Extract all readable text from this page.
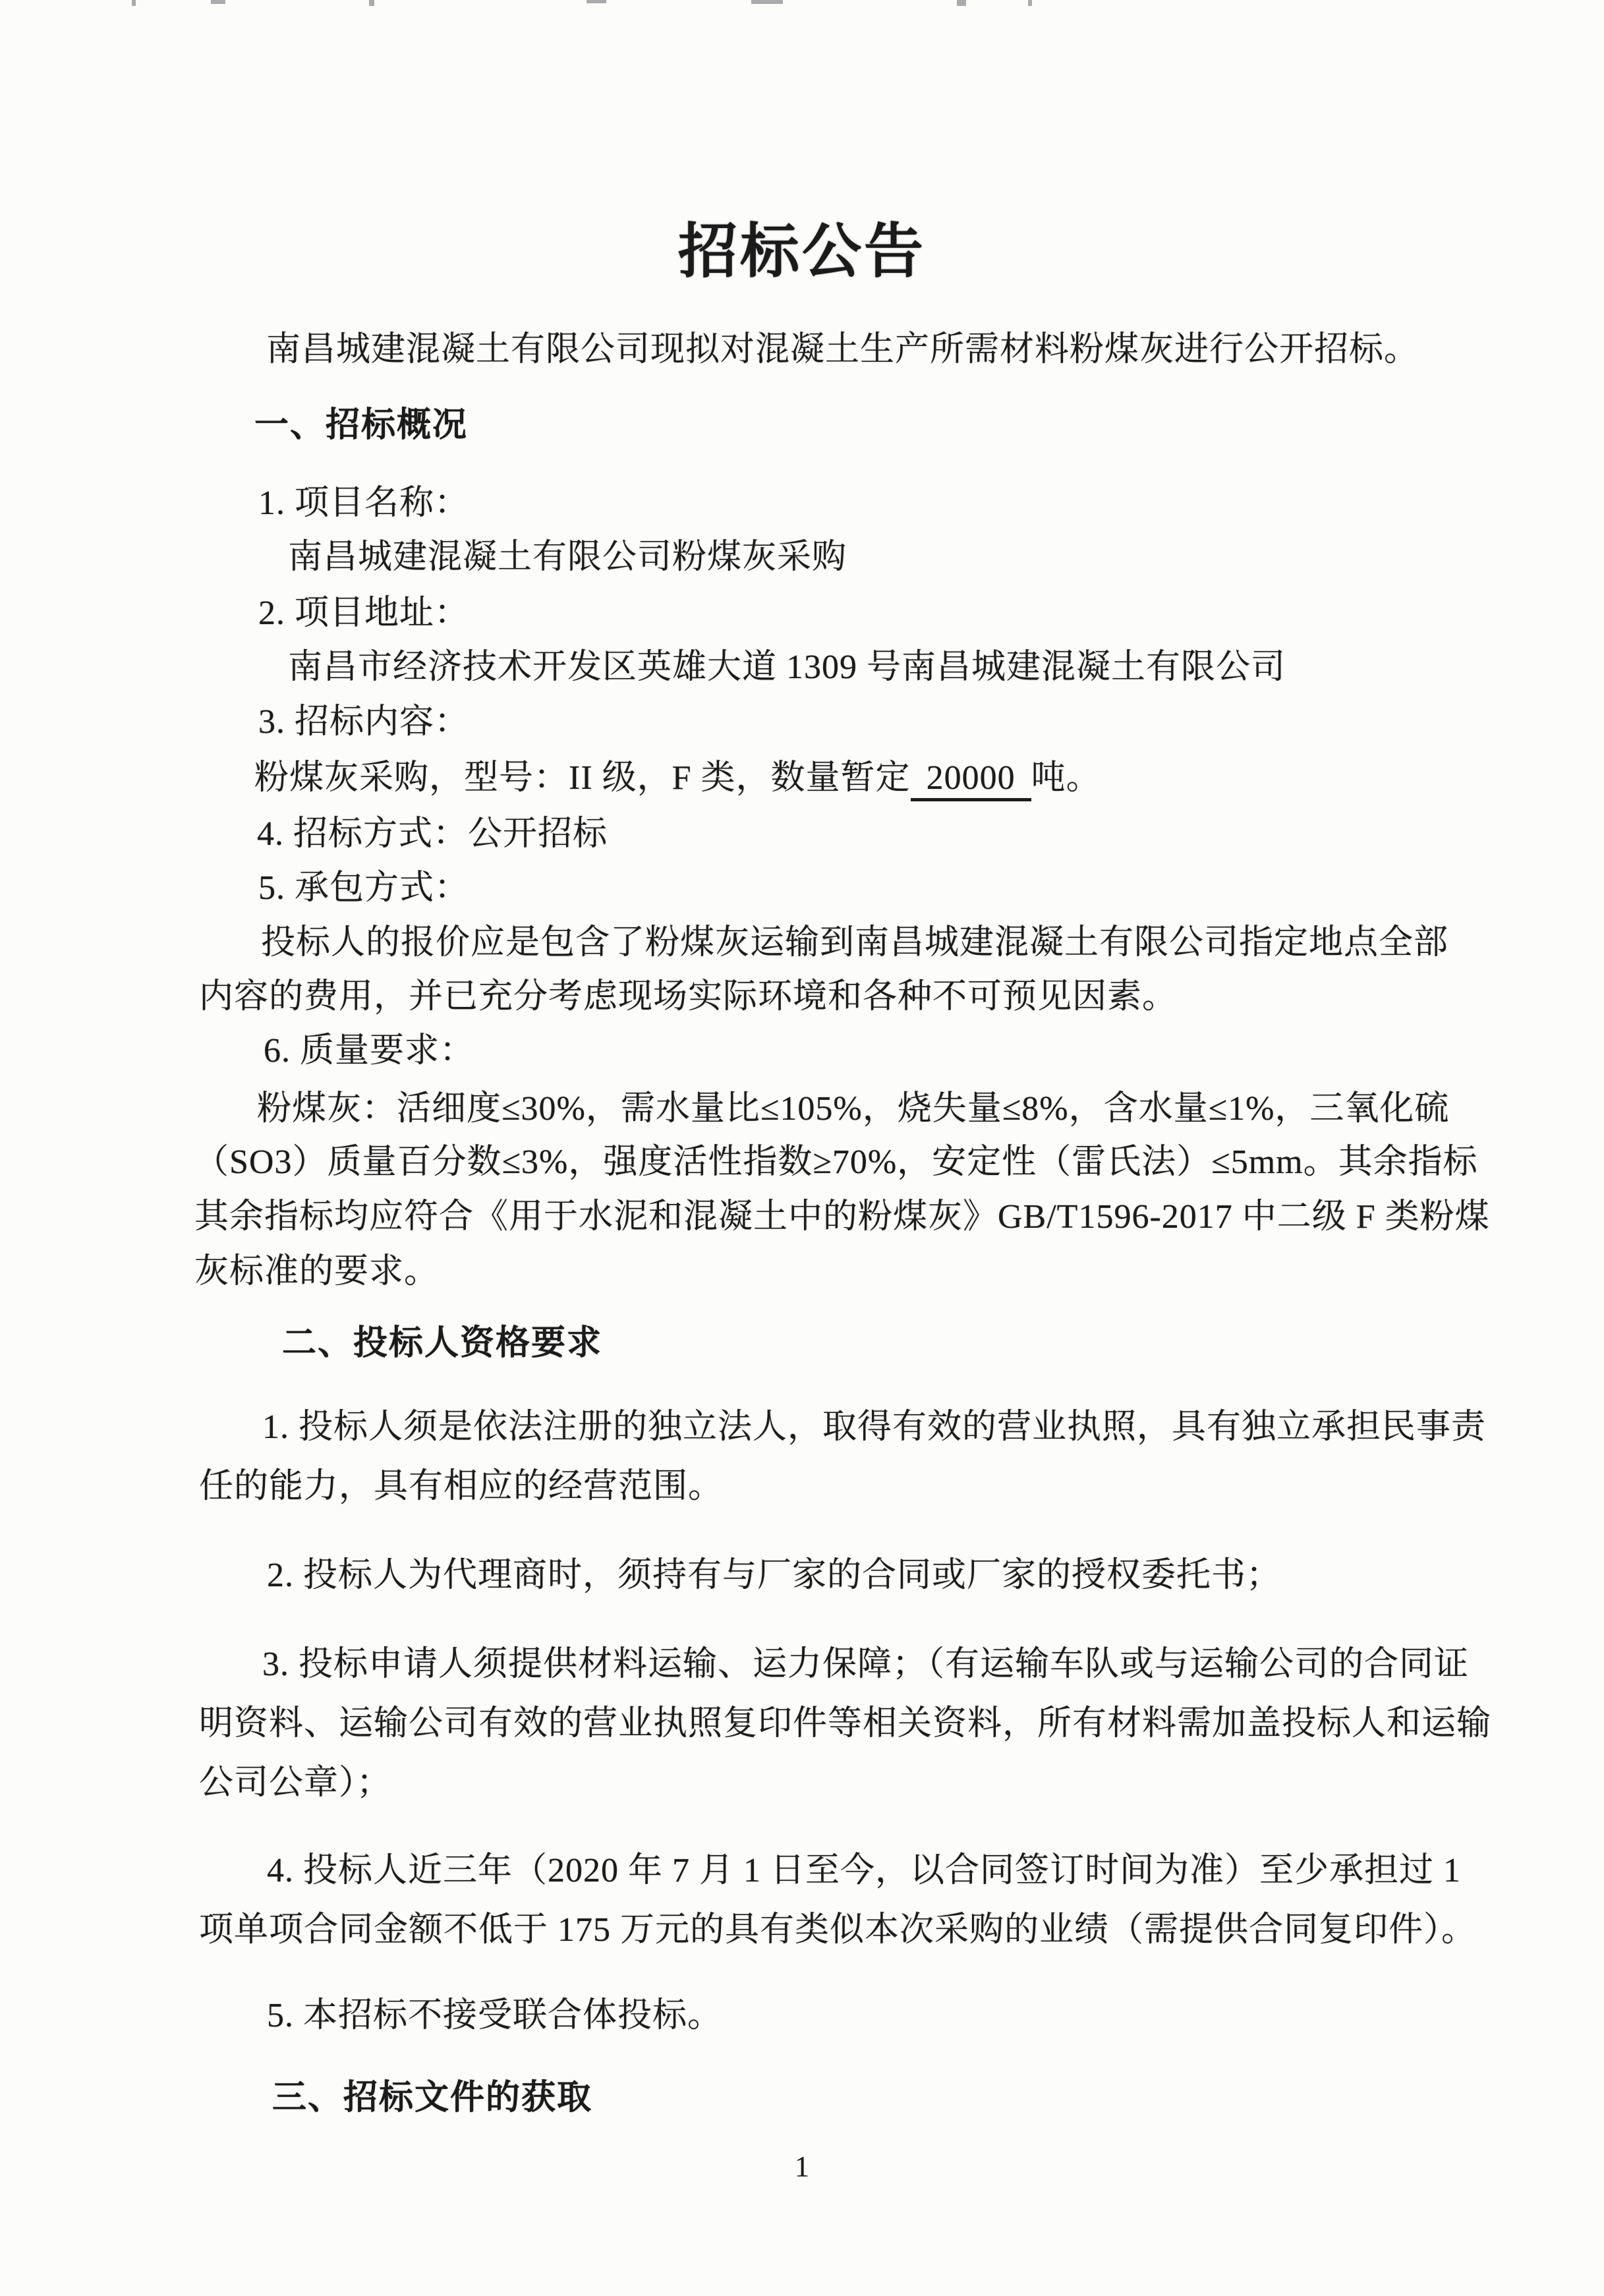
招标公告
南昌城建混凝土有限公司现拟对混凝土生产所需材料粉煤灰进行公开招标。
一、招标概况
1. 项目名称：
南昌城建混凝土有限公司粉煤灰采购
2. 项目地址：
南昌市经济技术开发区英雄大道 1309 号南昌城建混凝土有限公司
3. 招标内容：
粉煤灰采购，型号：II 级，F 类，数量暂定 20000 吨。
4. 招标方式：公开招标
5. 承包方式：
投标人的报价应是包含了粉煤灰运输到南昌城建混凝土有限公司指定地点全部
内容的费用，并已充分考虑现场实际环境和各种不可预见因素。
6. 质量要求：
粉煤灰：活细度≤30%，需水量比≤105%，烧失量≤8%，含水量≤1%，三氧化硫
（SO3）质量百分数≤3%，强度活性指数≥70%，安定性（雷氏法）≤5mm。其余指标
其余指标均应符合《用于水泥和混凝土中的粉煤灰》GB/T1596-2017 中二级 F 类粉煤
灰标准的要求。
二、投标人资格要求
1. 投标人须是依法注册的独立法人，取得有效的营业执照，具有独立承担民事责
任的能力，具有相应的经营范围。
2. 投标人为代理商时，须持有与厂家的合同或厂家的授权委托书；
3. 投标申请人须提供材料运输、运力保障；（有运输车队或与运输公司的合同证
明资料、运输公司有效的营业执照复印件等相关资料，所有材料需加盖投标人和运输
公司公章）；
4. 投标人近三年（2020 年 7 月 1 日至今，以合同签订时间为准）至少承担过 1
项单项合同金额不低于 175 万元的具有类似本次采购的业绩（需提供合同复印件）。
5. 本招标不接受联合体投标。
三、招标文件的获取
1
